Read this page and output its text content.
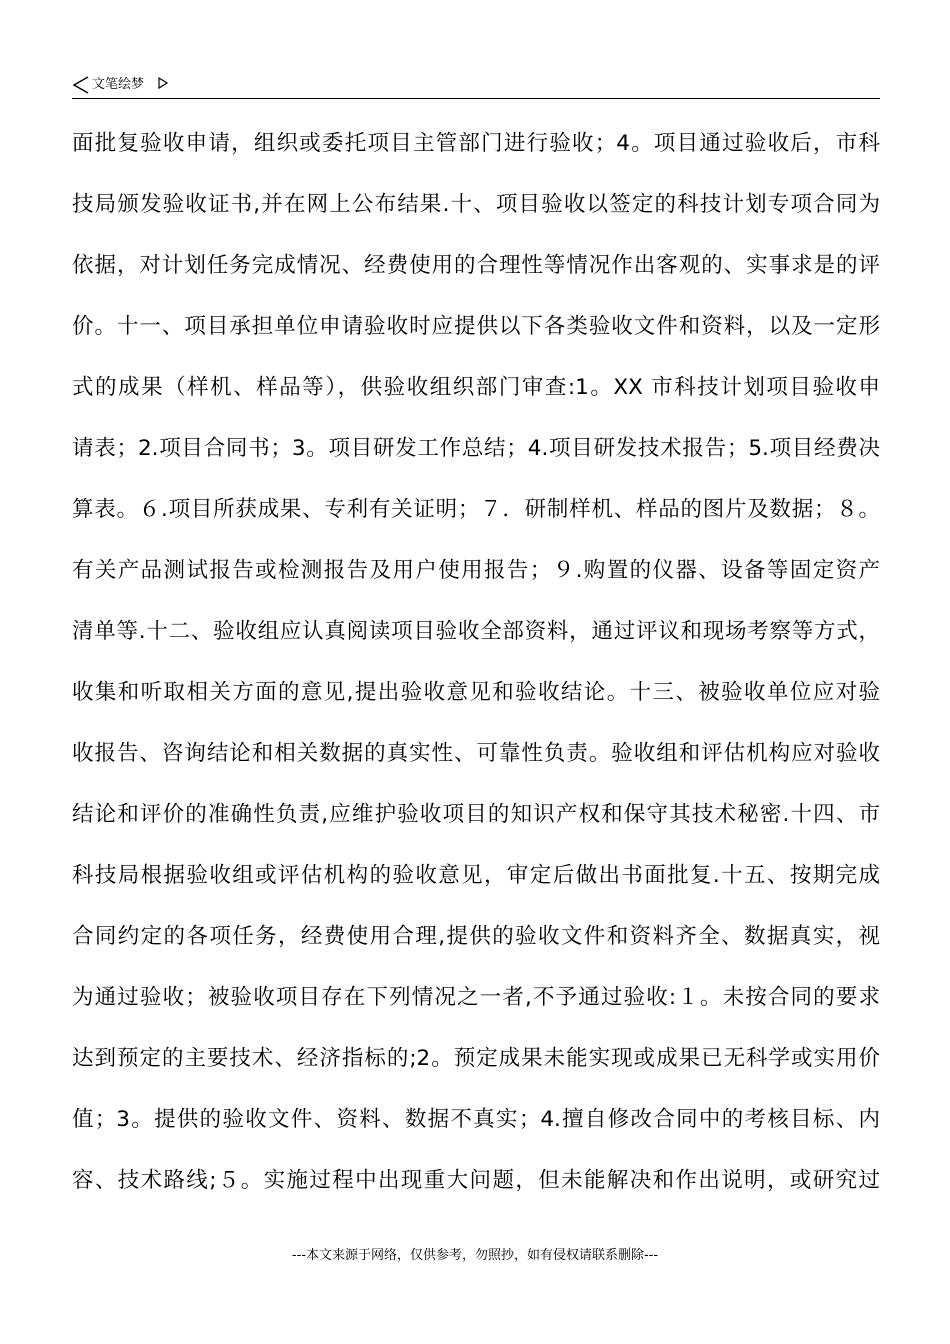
文笔绘梦
面批复验收申请，组织或委托项目主管部门进行验收；4。项目通过验收后，市科
技局颁发验收证书,并在网上公布结果.十、项目验收以签定的科技计划专项合同为
依据，对计划任务完成情况、经费使用的合理性等情况作出客观的、实事求是的评
价。十一、项目承担单位申请验收时应提供以下各类验收文件和资料，以及一定形
式的成果（样机、样品等），供验收组织部门审查:1。XX 市科技计划项目验收申
请表；2.项目合同书；3。项目研发工作总结；4.项目研发技术报告；5.项目经费决
算表。６.项目所获成果、专利有关证明；７．研制样机、样品的图片及数据；８。
有关产品测试报告或检测报告及用户使用报告；９.购置的仪器、设备等固定资产
清单等.十二、验收组应认真阅读项目验收全部资料，通过评议和现场考察等方式，
收集和听取相关方面的意见,提出验收意见和验收结论。十三、被验收单位应对验
收报告、咨询结论和相关数据的真实性、可靠性负责。验收组和评估机构应对验收
结论和评价的准确性负责,应维护验收项目的知识产权和保守其技术秘密.十四、市
科技局根据验收组或评估机构的验收意见，审定后做出书面批复.十五、按期完成
合同约定的各项任务，经费使用合理,提供的验收文件和资料齐全、数据真实，视
为通过验收；被验收项目存在下列情况之一者,不予通过验收:１。未按合同的要求
达到预定的主要技术、经济指标的;2。预定成果未能实现或成果已无科学或实用价
值；3。提供的验收文件、资料、数据不真实；4.擅自修改合同中的考核目标、内
容、技术路线;５。实施过程中出现重大问题，但未能解决和作出说明，或研究过
---本文来源于网络，仅供参考，勿照抄，如有侵权请联系删除---
